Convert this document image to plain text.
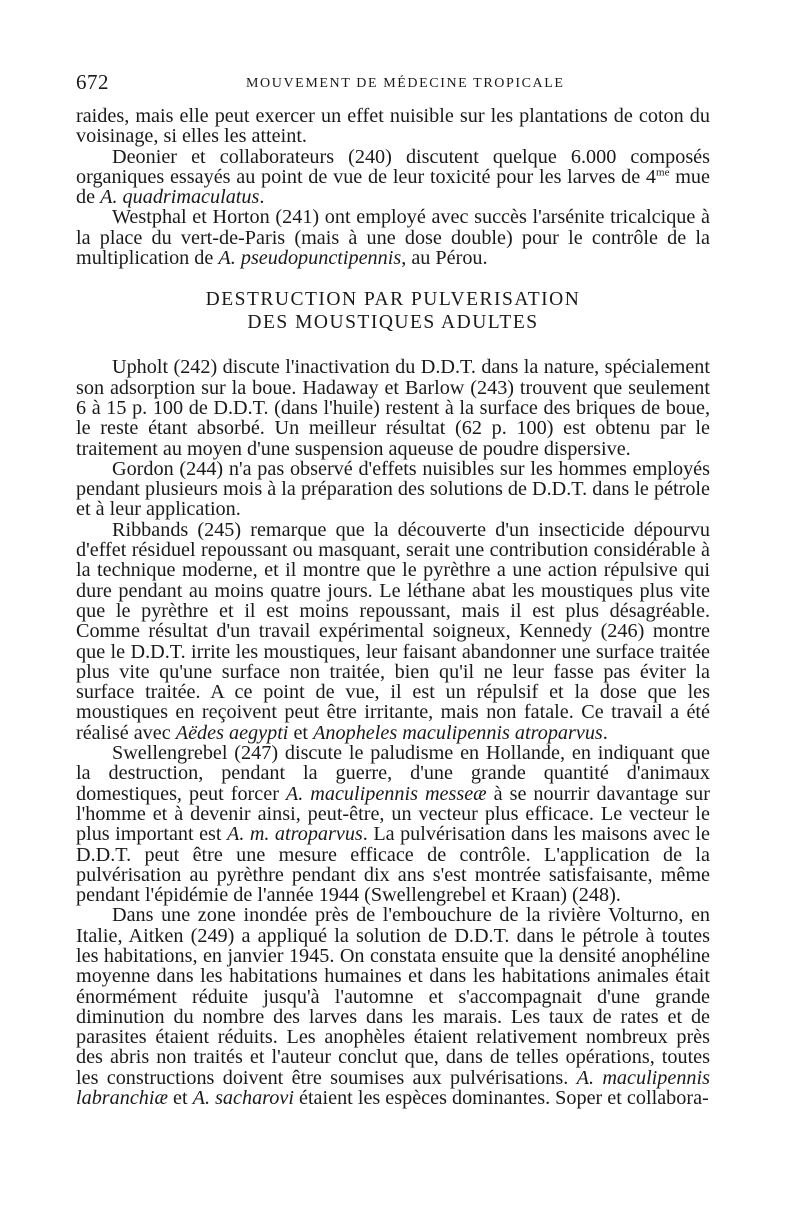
672	MOUVEMENT DE MÉDECINE TROPICALE

raides, mais elle peut exercer un effet nuisible sur les plantations de coton du voisinage, si elles les atteint.

Deonier et collaborateurs (240) discutent quelque 6.000 composés organiques essayés au point de vue de leur toxicité pour les larves de $4^{me}$ mue de A. quadrimaculatus.

Westphal et Horton (241) ont employé avec succès l'arsénite tricalcique à la place du vert-de-Paris (mais à une dose double) pour le contrôle de la multiplication de A. pseudopunctipennis, au Pérou.

DESTRUCTION PAR PULVERISATION
DES MOUSTIQUES ADULTES

Upholt (242) discute l'inactivation du D.D.T. dans la nature, spécialement son adsorption sur la boue. Hadaway et Barlow (243) trouvent que seulement 6 à 15 p. 100 de D.D.T. (dans l'huile) restent à la surface des briques de boue, le reste étant absorbé. Un meilleur résultat (62 p. 100) est obtenu par le traitement au moyen d'une suspension aqueuse de poudre dispersive.

Gordon (244) n'a pas observé d'effets nuisibles sur les hommes employés pendant plusieurs mois à la préparation des solutions de D.D.T. dans le pétrole et à leur application.

Ribbands (245) remarque que la découverte d'un insecticide dépourvu d'effet résiduel repoussant ou masquant, serait une contribution considérable à la technique moderne, et il montre que le pyrèthre a une action répulsive qui dure pendant au moins quatre jours. Le léthane abat les moustiques plus vite que le pyrèthre et il est moins repoussant, mais il est plus désagréable. Comme résultat d'un travail expérimental soigneux, Kennedy (246) montre que le D.D.T. irrite les moustiques, leur faisant abandonner une surface traitée plus vite qu'une surface non traitée, bien qu'il ne leur fasse pas éviter la surface traitée. A ce point de vue, il est un répulsif et la dose que les moustiques en reçoivent peut être irritante, mais non fatale. Ce travail a été réalisé avec Aëdes aegypti et Anopheles maculipennis atroparvus.

Swellengrebel (247) discute le paludisme en Hollande, en indiquant que la destruction, pendant la guerre, d'une grande quantité d'animaux domestiques, peut forcer A. maculipennis messeæ à se nourrir davantage sur l'homme et à devenir ainsi, peut-être, un vecteur plus efficace. Le vecteur le plus important est A. m. atroparvus. La pulvérisation dans les maisons avec le D.D.T. peut être une mesure efficace de contrôle. L'application de la pulvérisation au pyrèthre pendant dix ans s'est montrée satisfaisante, même pendant l'épidémie de l'année 1944 (Swellengrebel et Kraan) (248).

Dans une zone inondée près de l'embouchure de la rivière Volturno, en Italie, Aitken (249) a appliqué la solution de D.D.T. dans le pétrole à toutes les habitations, en janvier 1945. On constata ensuite que la densité anophéline moyenne dans les habitations humaines et dans les habitations animales était énormément réduite jusqu'à l'automne et s'accompagnait d'une grande diminution du nombre des larves dans les marais. Les taux de rates et de parasites étaient réduits. Les anophèles étaient relativement nombreux près des abris non traités et l'auteur conclut que, dans de telles opérations, toutes les constructions doivent être soumises aux pulvérisations. A. maculipennis labranchiæ et A. sacharovi étaient les espèces dominantes. Soper et collabora-
